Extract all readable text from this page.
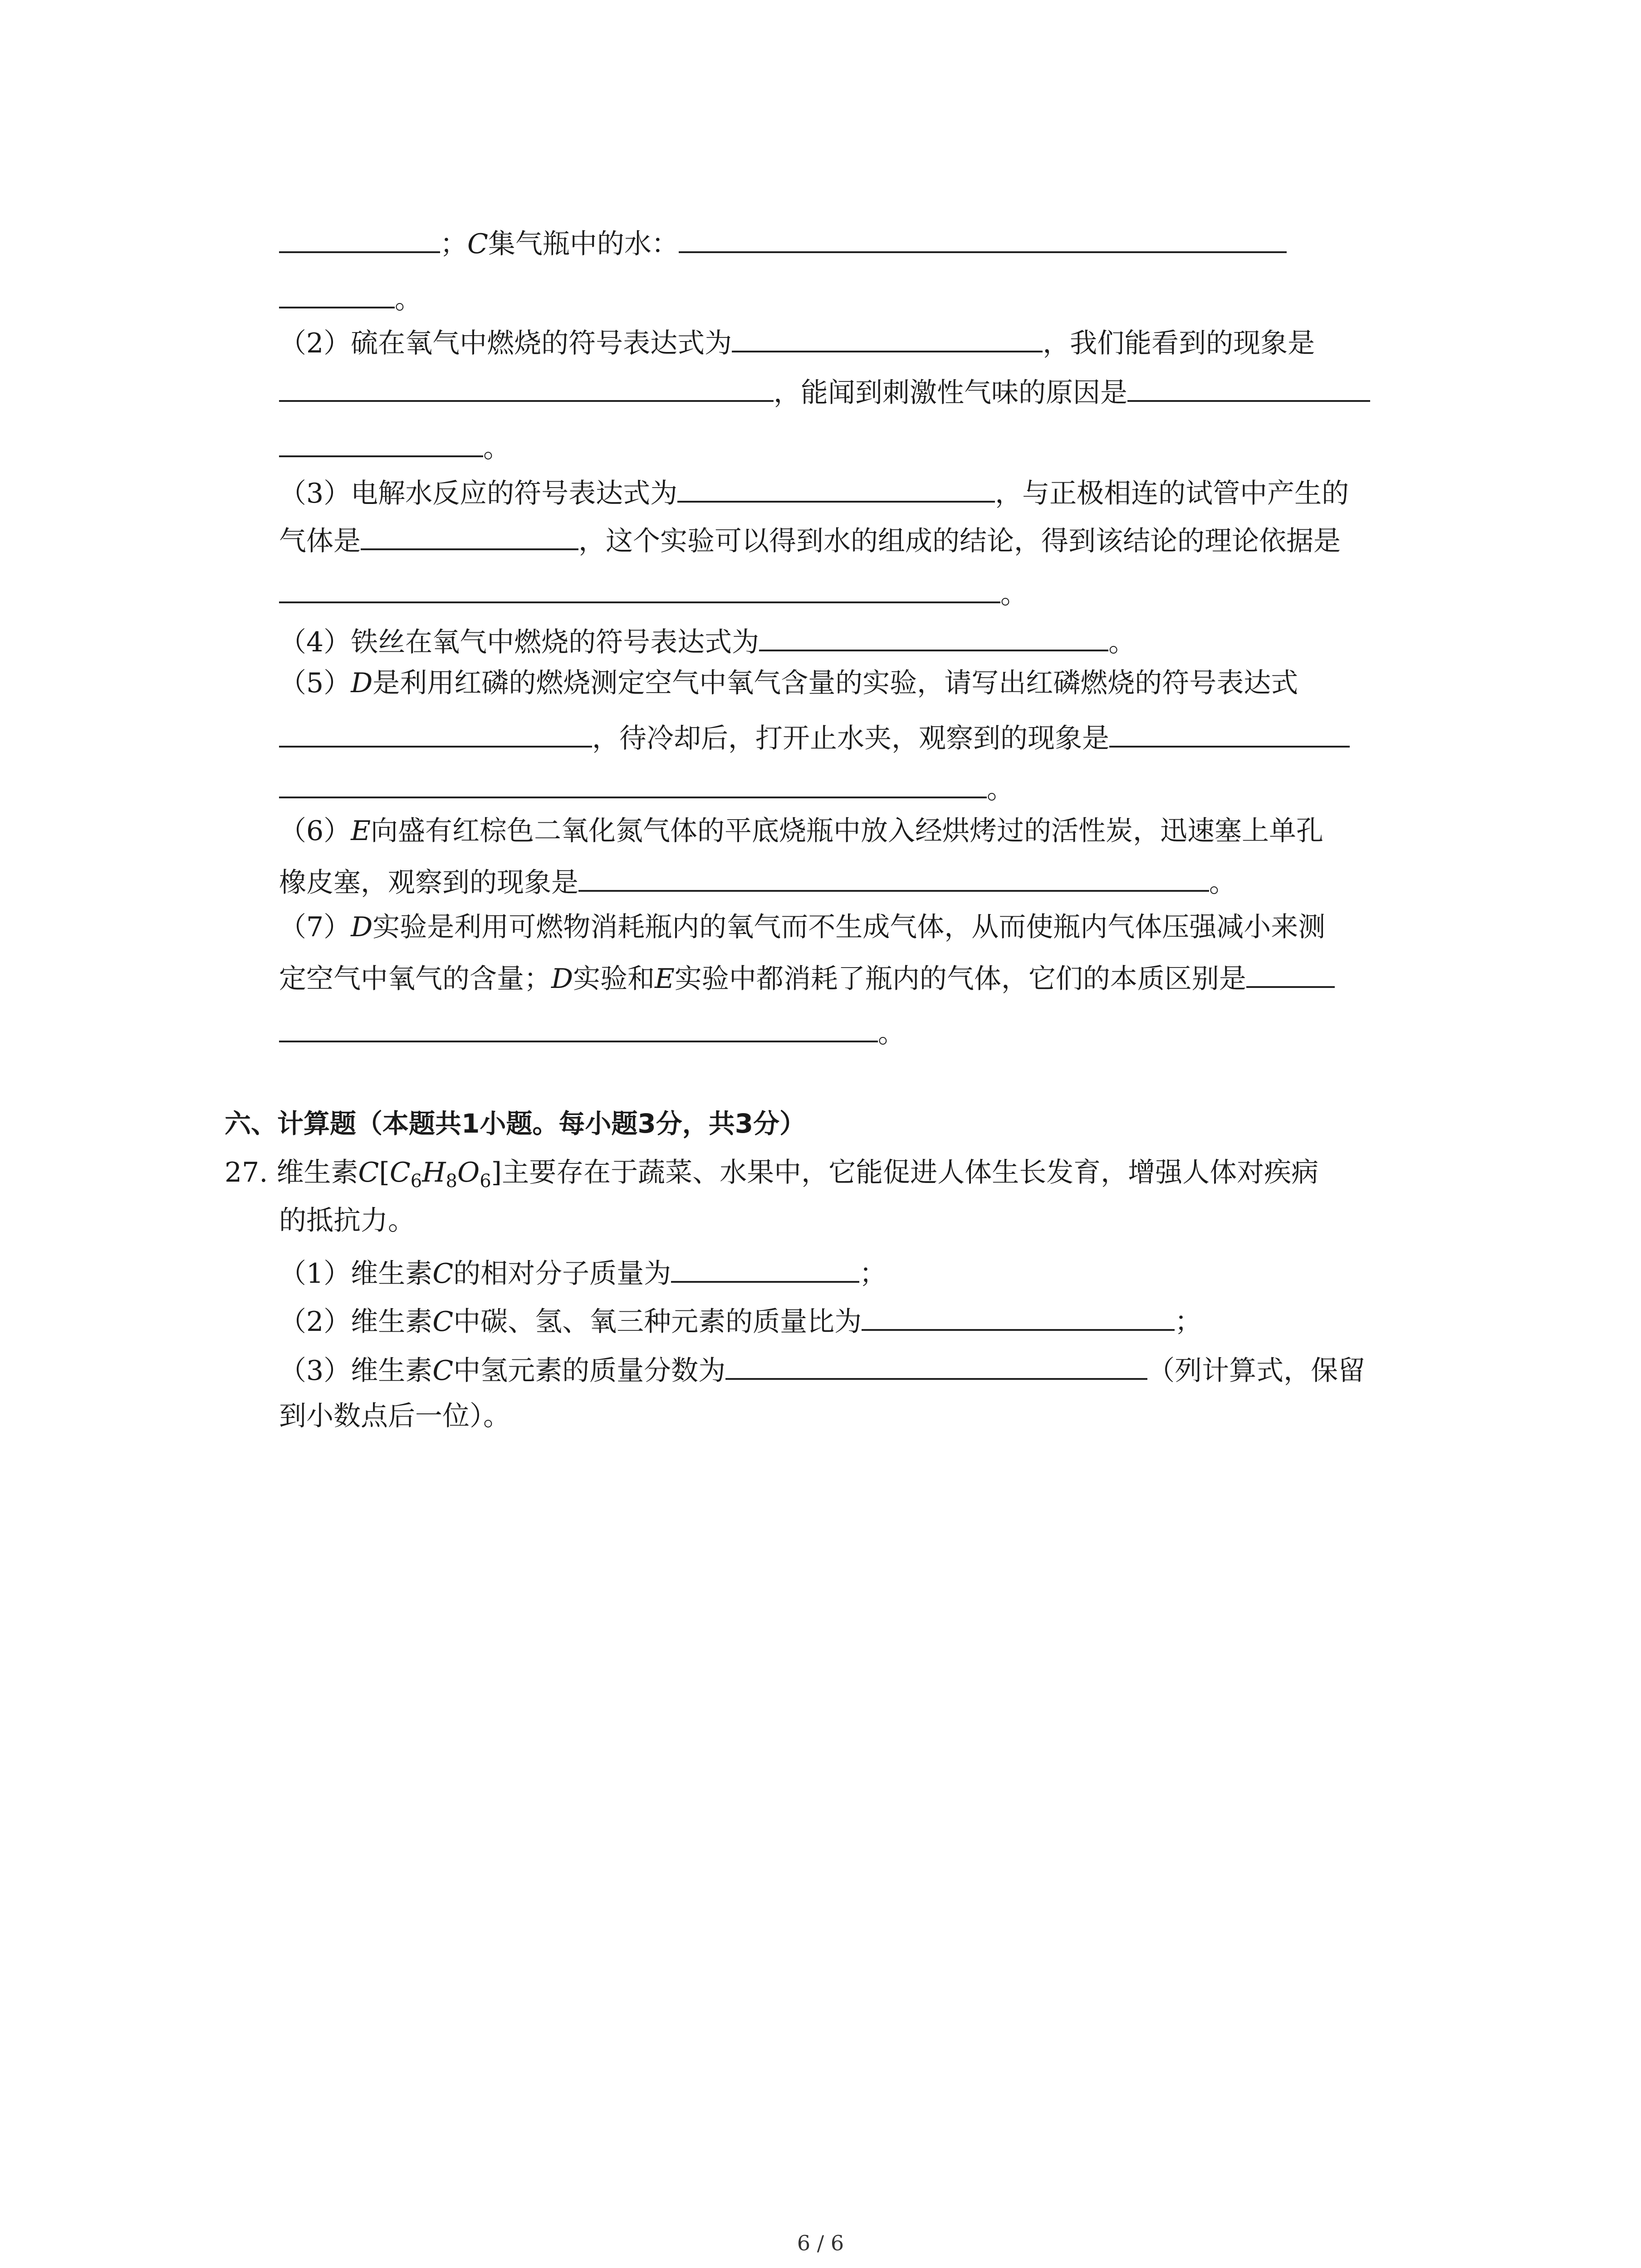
；C集气瓶中的水：
。
（2）硫在氧气中燃烧的符号表达式为	，我们能看到的现象是
，能闻到刺激性气味的原因是
。
（3）电解水反应的符号表达式为	，与正极相连的试管中产生的
气体是	，这个实验可以得到水的组成的结论，得到该结论的理论依据是
。
（4）铁丝在氧气中燃烧的符号表达式为	。
（5）D是利用红磷的燃烧测定空气中氧气含量的实验，请写出红磷燃烧的符号表达式
，待冷却后，打开止水夹，观察到的现象是
。
（6）E向盛有红棕色二氧化氮气体的平底烧瓶中放入经烘烤过的活性炭，迅速塞上单孔
橡皮塞，观察到的现象是	。
（7）D实验是利用可燃物消耗瓶内的氧气而不生成气体，从而使瓶内气体压强减小来测
定空气中氧气的含量；D实验和E实验中都消耗了瓶内的气体，它们的本质区别是
。
六、计算题（本题共1小题。每小题3分，共3分）
27. 维生素$C[C_6H_8O_6]$主要存在于蔬菜、水果中，它能促进人体生长发育，增强人体对疾病
的抵抗力。
（1）维生素C的相对分子质量为	；
（2）维生素C中碳、氢、氧三种元素的质量比为	；
（3）维生素C中氢元素的质量分数为	（列计算式，保留
到小数点后一位）。
6 / 6
